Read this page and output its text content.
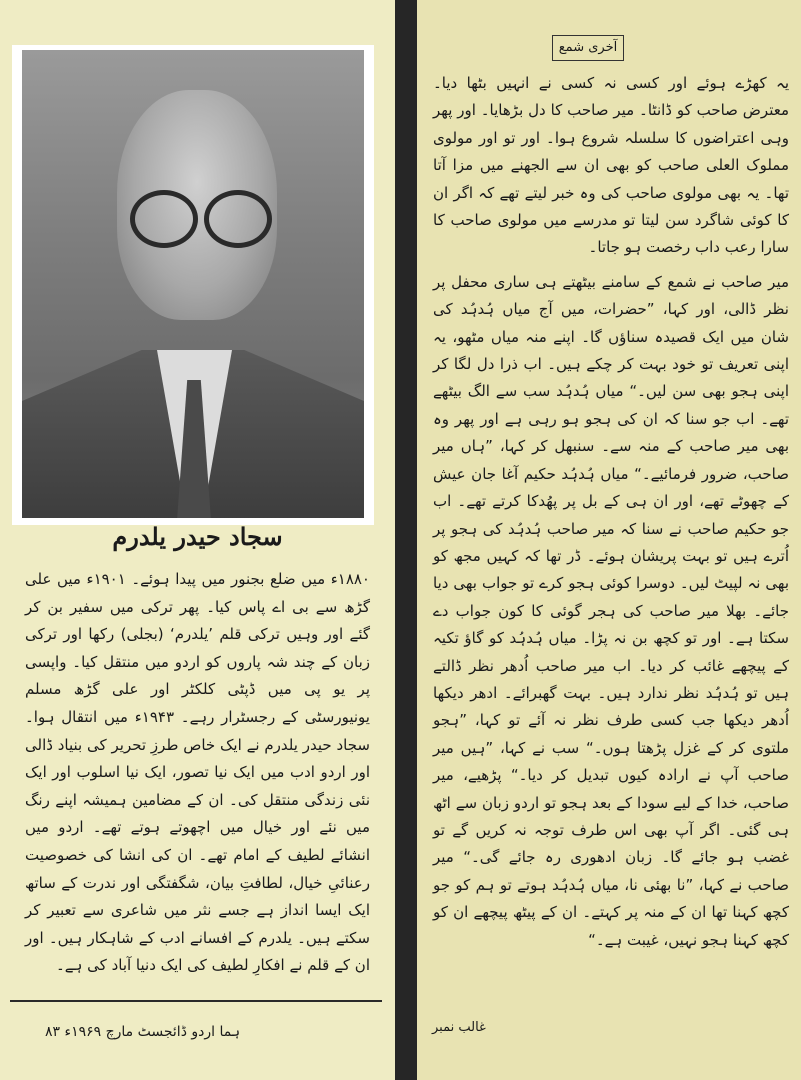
سجاد حیدر یلدرم

۱۸۸۰ء میں ضلع بجنور میں پیدا ہوئے۔ ۱۹۰۱ء میں علی گڑھ سے بی اے پاس کیا۔ پھر ترکی میں سفیر بن کر گئے اور وہیں ترکی قلم ’یلدرم‘ (بجلی) رکھا اور ترکی زبان کے چند شہ پاروں کو اردو میں منتقل کیا۔ واپسی پر یو پی میں ڈپٹی کلکٹر اور علی گڑھ مسلم یونیورسٹی کے رجسٹرار رہے۔ ۱۹۴۳ء میں انتقال ہوا۔ سجاد حیدر یلدرم نے ایک خاص طرزِ تحریر کی بنیاد ڈالی اور اردو ادب میں ایک نیا تصور، ایک نیا اسلوب اور ایک نئی زندگی منتقل کی۔ ان کے مضامین ہمیشہ اپنے رنگ میں نئے اور خیال میں اچھوتے ہوتے تھے۔ اردو میں انشائے لطیف کے امام تھے۔ ان کی انشا کی خصوصیت رعنائیِ خیال، لطافتِ بیان، شگفتگی اور ندرت کے ساتھ ایک ایسا انداز ہے جسے نثر میں شاعری سے تعبیر کر سکتے ہیں۔ یلدرم کے افسانے ادب کے شاہکار ہیں۔ اور ان کے قلم نے افکارِ لطیف کی ایک دنیا آباد کی ہے۔

ہما اردو ڈائجسٹ مارچ ۱۹۶۹ء ۸۳
آخری شمع

یہ کھڑے ہوئے اور کسی نہ کسی نے انہیں بٹھا دیا۔ معترض صاحب کو ڈانٹا۔ میر صاحب کا دل بڑھایا۔ اور پھر وہی اعتراضوں کا سلسلہ شروع ہوا۔ اور تو اور مولوی مملوک العلی صاحب کو بھی ان سے الجھنے میں مزا آتا تھا۔ یہ بھی مولوی صاحب کی وہ خبر لیتے تھے کہ اگر ان کا کوئی شاگرد سن لیتا تو مدرسے میں مولوی صاحب کا سارا رعب داب رخصت ہو جاتا۔

میر صاحب نے شمع کے سامنے بیٹھتے ہی ساری محفل پر نظر ڈالی، اور کہا، ”حضرات، میں آج میاں ہُدہُد کی شان میں ایک قصیدہ سناؤں گا۔ اپنے منہ میاں مٹھو، یہ اپنی تعریف تو خود بہت کر چکے ہیں۔ اب ذرا دل لگا کر اپنی ہجو بھی سن لیں۔“ میاں ہُدہُد سب سے الگ بیٹھے تھے۔ اب جو سنا کہ ان کی ہجو ہو رہی ہے اور پھر وہ بھی میر صاحب کے منہ سے۔ سنبھل کر کہا، ”ہاں میر صاحب، ضرور فرمائیے۔“ میاں ہُدہُد حکیم آغا جان عیش کے چھوٹے تھے، اور ان ہی کے بل پر پھُدکا کرتے تھے۔ اب جو حکیم صاحب نے سنا کہ میر صاحب ہُدہُد کی ہجو پر اُترے ہیں تو بہت پریشان ہوئے۔ ڈر تھا کہ کہیں مجھ کو بھی نہ لپیٹ لیں۔ دوسرا کوئی ہجو کرے تو جواب بھی دیا جائے۔ بھلا میر صاحب کی ہجر گوئی کا کون جواب دے سکتا ہے۔ اور تو کچھ بن نہ پڑا۔ میاں ہُدہُد کو گاؤ تکیہ کے پیچھے غائب کر دیا۔ اب میر صاحب اُدھر نظر ڈالتے ہیں تو ہُدہُد نظر ندارد ہیں۔ بہت گھبرائے۔ ادھر دیکھا اُدھر دیکھا جب کسی طرف نظر نہ آئے تو کہا، ”ہجو ملتوی کر کے غزل پڑھتا ہوں۔“ سب نے کہا، ”ہیں میر صاحب آپ نے ارادہ کیوں تبدیل کر دیا۔“ پڑھیے، میر صاحب، خدا کے لیے سودا کے بعد ہجو تو اردو زبان سے اٹھ ہی گئی۔ اگر آپ بھی اس طرف توجہ نہ کریں گے تو غضب ہو جائے گا۔ زبان ادھوری رہ جائے گی۔“ میر صاحب نے کہا، ”نا بھئی نا، میاں ہُدہُد ہوتے تو ہم کو جو کچھ کہنا تھا ان کے منہ پر کہتے۔ ان کے پیٹھ پیچھے ان کو کچھ کہنا ہجو نہیں، غیبت ہے۔“

غالب نمبر
